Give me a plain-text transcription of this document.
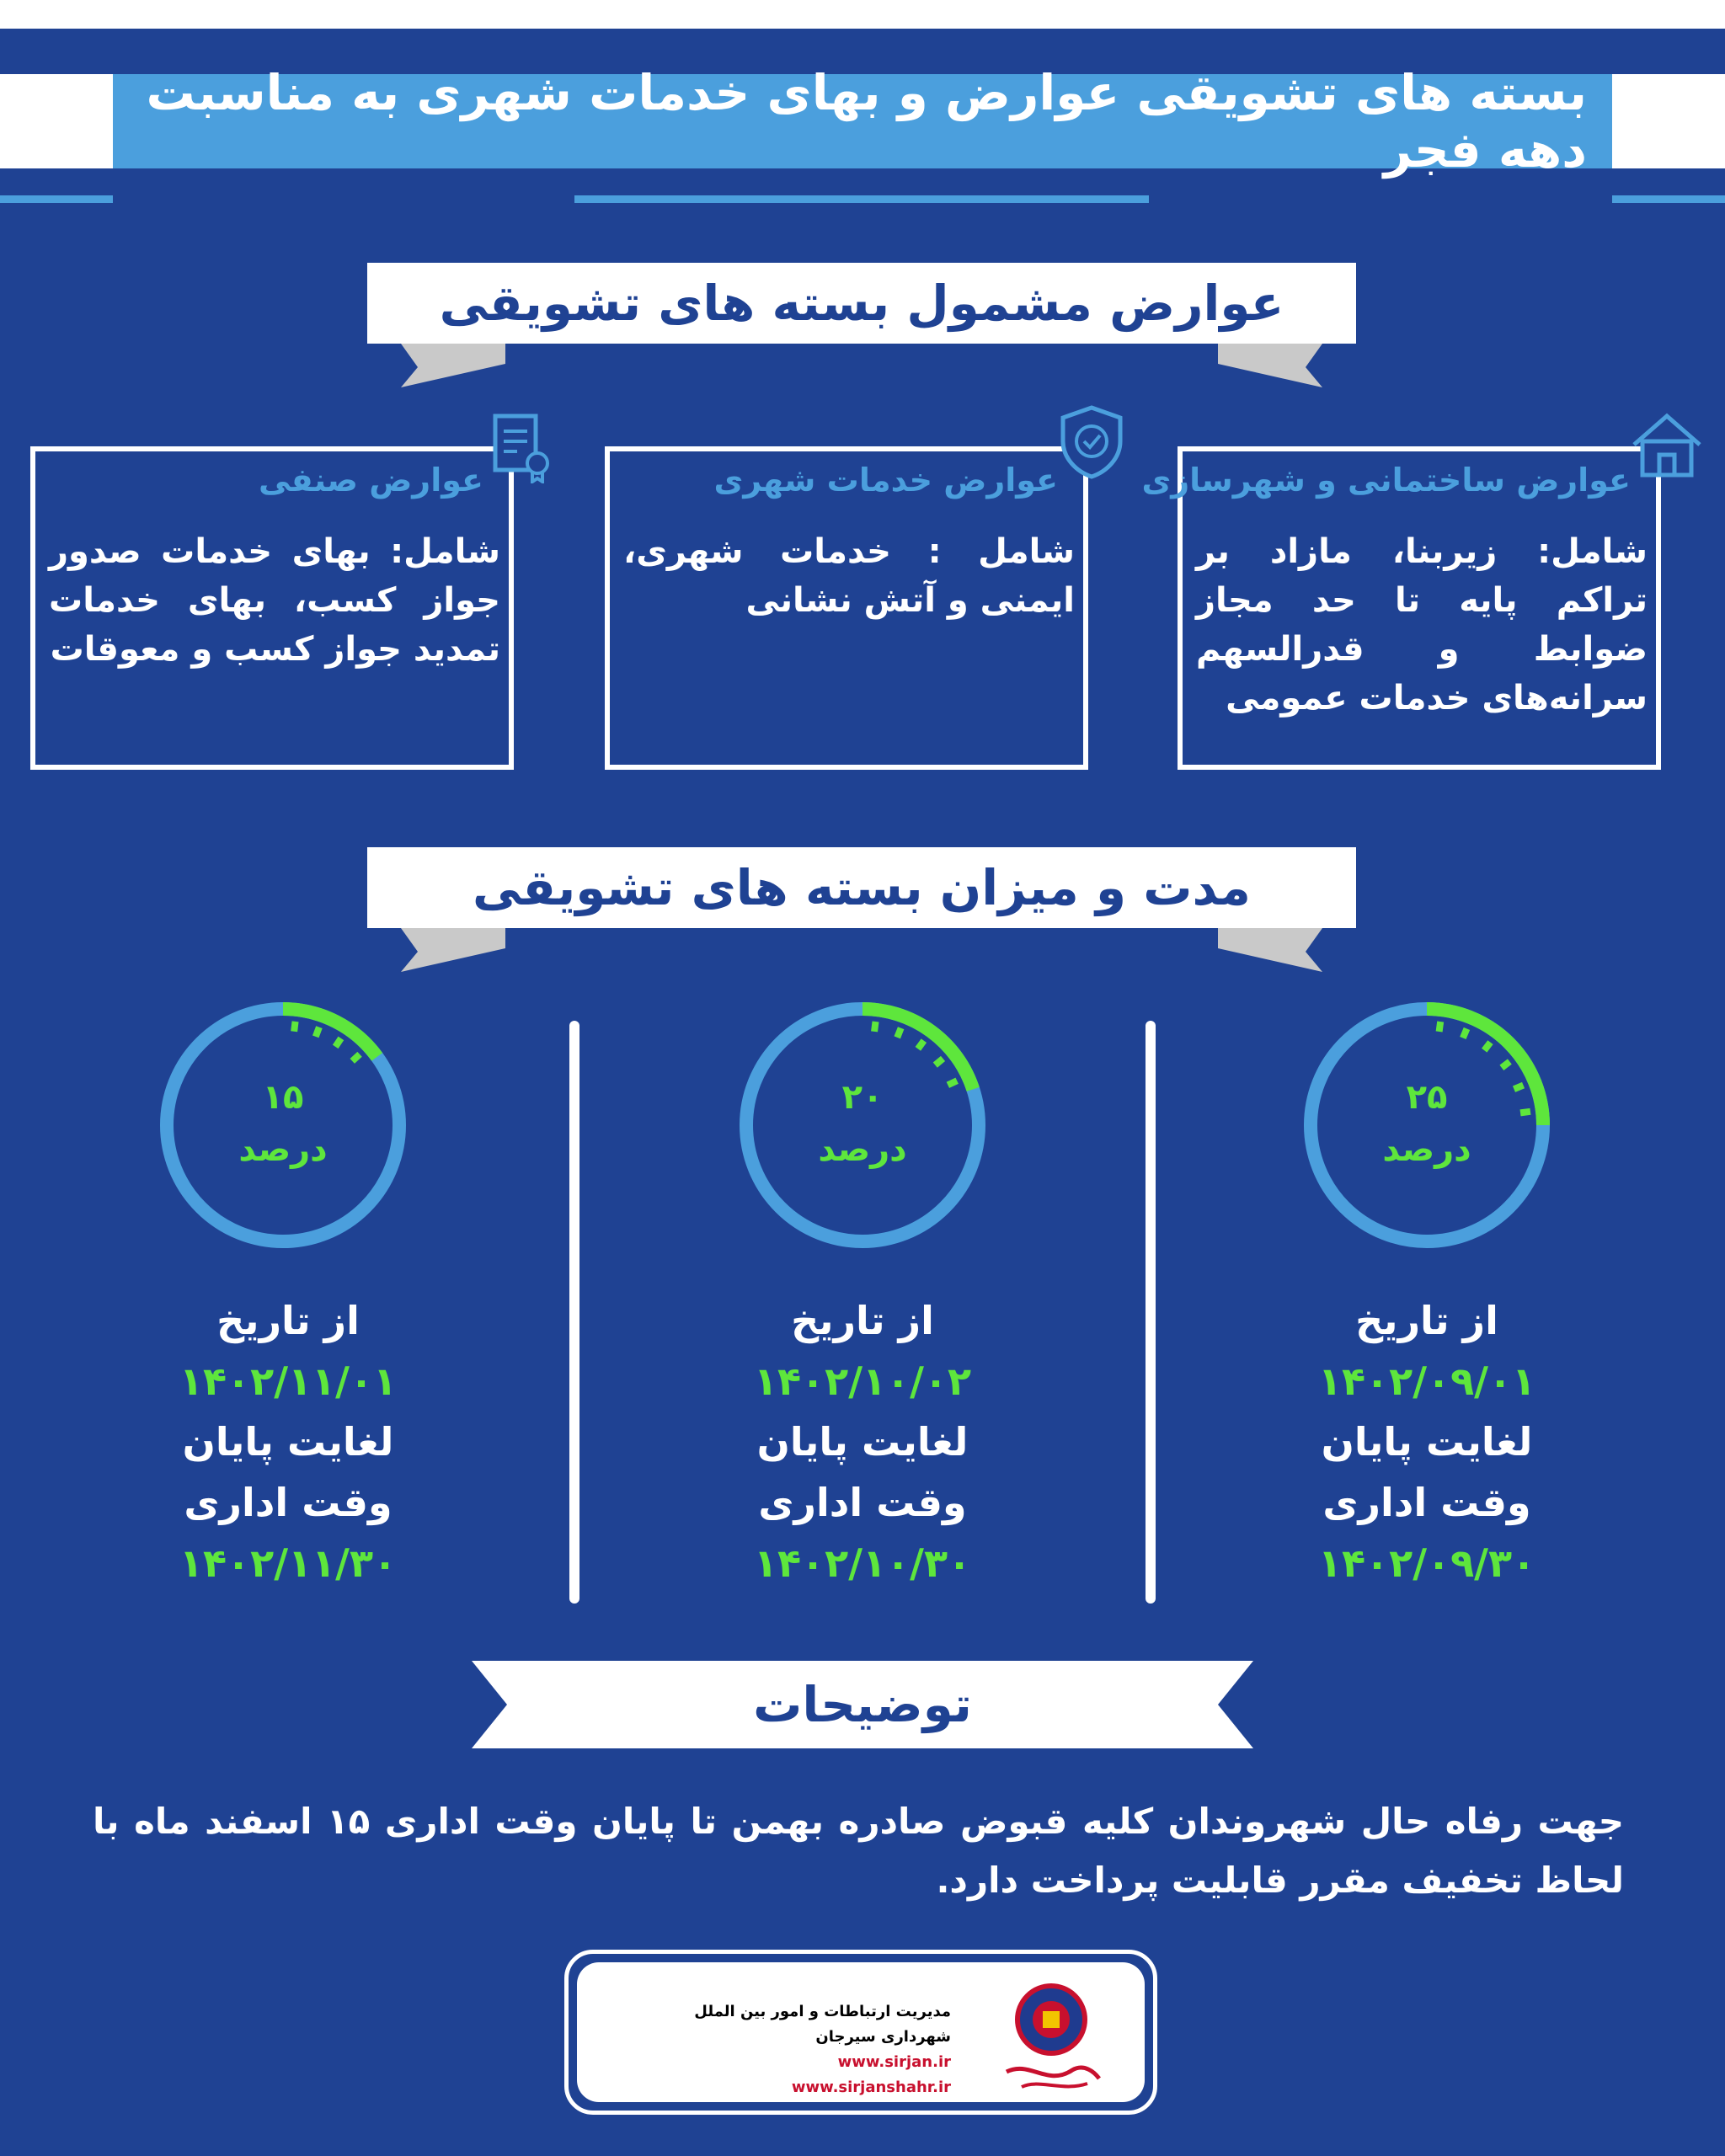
بسته های تشویقی عوارض و بهای خدمات شهری به مناسبت دهه فجر
عوارض مشمول بسته های تشویقی
عوارض ساختمانی و شهرسازی
شامل: زیربنا، مازاد بر تراکم پایه تا حد مجاز ضوابط و قدرالسهم سرانه‌های خدمات عمومی
عوارض خدمات شهری
شامل : خدمات شهری، ایمنی و آتش نشانی
عوارض صنفی
شامل: بهای خدمات صدور جواز کسب، بهای خدمات تمدید جواز کسب و معوقات
مدت و میزان بسته های تشویقی
۲۵
درصد
۲۰
درصد
۱۵
درصد
از تاریخ
۱۴۰۲/۰۹/۰۱
لغایت پایان
وقت اداری
۱۴۰۲/۰۹/۳۰
از تاریخ
۱۴۰۲/۱۰/۰۲
لغایت پایان
وقت اداری
۱۴۰۲/۱۰/۳۰
از تاریخ
۱۴۰۲/۱۱/۰۱
لغایت پایان
وقت اداری
۱۴۰۲/۱۱/۳۰
توضیحات
جهت رفاه حال شهروندان کلیه قبوض صادره بهمن تا پایان وقت اداری ۱۵ اسفند ماه با لحاظ تخفیف مقرر قابلیت پرداخت دارد.
مدیریت ارتباطات و امور بین الملل
شهرداری سیرجان
www.sirjan.ir
www.sirjanshahr.ir
